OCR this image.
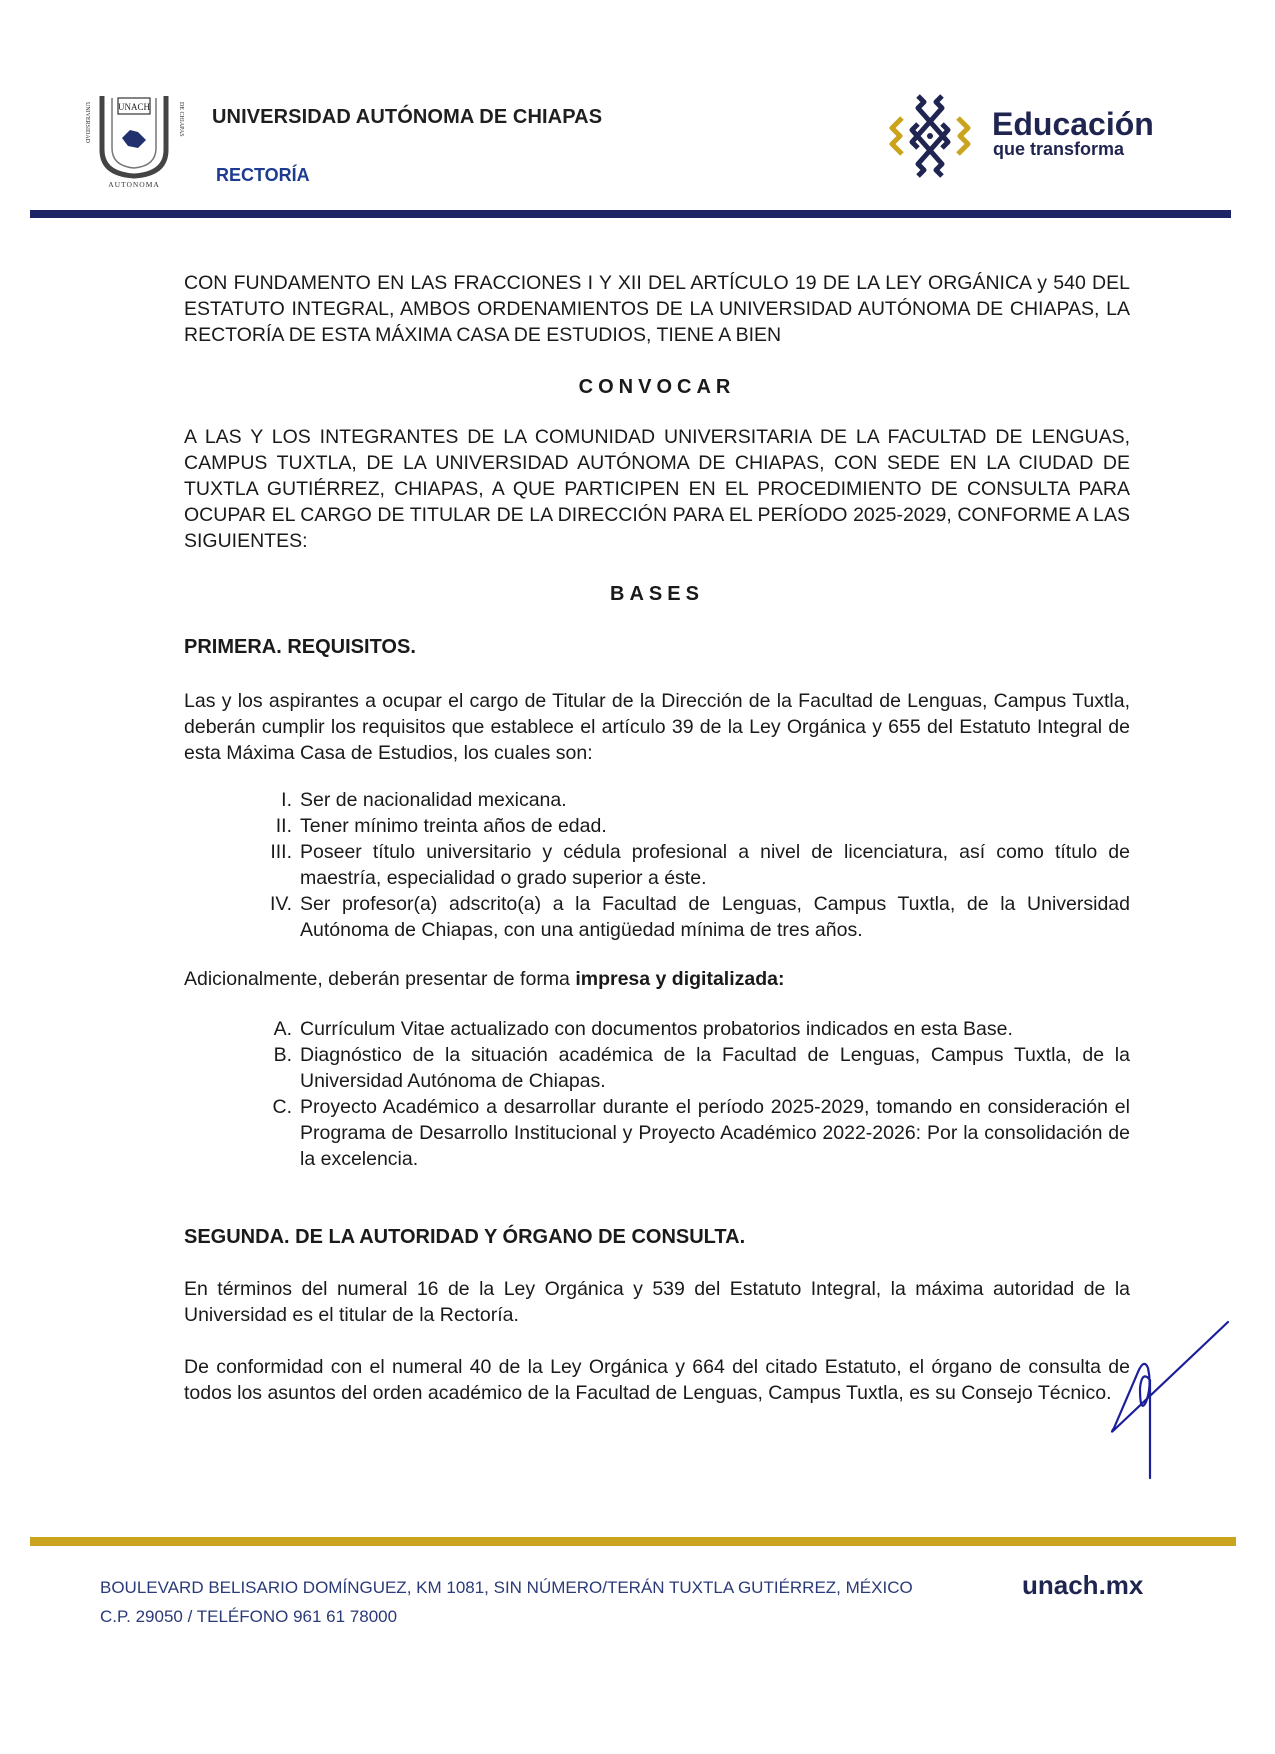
UNIVERSIDAD	DE CHIAPAS
UNACH
AUTONOMA
UNIVERSIDAD AUTÓNOMA DE CHIAPAS
RECTORÍA
Educación
que transforma
CON FUNDAMENTO EN LAS FRACCIONES I Y XII DEL ARTÍCULO 19 DE LA LEY ORGÁNICA y 540 DEL ESTATUTO INTEGRAL, AMBOS ORDENAMIENTOS DE LA UNIVERSIDAD AUTÓNOMA DE CHIAPAS, LA RECTORÍA DE ESTA MÁXIMA CASA DE ESTUDIOS, TIENE A BIEN
CONVOCAR
A LAS Y LOS INTEGRANTES DE LA COMUNIDAD UNIVERSITARIA DE LA FACULTAD DE LENGUAS, CAMPUS TUXTLA, DE LA UNIVERSIDAD AUTÓNOMA DE CHIAPAS, CON SEDE EN LA CIUDAD DE TUXTLA GUTIÉRREZ, CHIAPAS, A QUE PARTICIPEN EN EL PROCEDIMIENTO DE CONSULTA PARA OCUPAR EL CARGO DE TITULAR DE LA DIRECCIÓN PARA EL PERÍODO 2025-2029, CONFORME A LAS SIGUIENTES:
BASES
PRIMERA. REQUISITOS.
Las y los aspirantes a ocupar el cargo de Titular de la Dirección de la Facultad de Lenguas, Campus Tuxtla, deberán cumplir los requisitos que establece el artículo 39 de la Ley Orgánica y 655 del Estatuto Integral de esta Máxima Casa de Estudios, los cuales son:
I. Ser de nacionalidad mexicana.
II. Tener mínimo treinta años de edad.
III. Poseer título universitario y cédula profesional a nivel de licenciatura, así como título de maestría, especialidad o grado superior a éste.
IV. Ser profesor(a) adscrito(a) a la Facultad de Lenguas, Campus Tuxtla, de la Universidad Autónoma de Chiapas, con una antigüedad mínima de tres años.
Adicionalmente, deberán presentar de forma impresa y digitalizada:
A. Currículum Vitae actualizado con documentos probatorios indicados en esta Base.
B. Diagnóstico de la situación académica de la Facultad de Lenguas, Campus Tuxtla, de la Universidad Autónoma de Chiapas.
C. Proyecto Académico a desarrollar durante el período 2025-2029, tomando en consideración el Programa de Desarrollo Institucional y Proyecto Académico 2022-2026: Por la consolidación de la excelencia.
SEGUNDA. DE LA AUTORIDAD Y ÓRGANO DE CONSULTA.
En términos del numeral 16 de la Ley Orgánica y 539 del Estatuto Integral, la máxima autoridad de la Universidad es el titular de la Rectoría.
De conformidad con el numeral 40 de la Ley Orgánica y 664 del citado Estatuto, el órgano de consulta de todos los asuntos del orden académico de la Facultad de Lenguas, Campus Tuxtla, es su Consejo Técnico.
BOULEVARD BELISARIO DOMÍNGUEZ, KM 1081, SIN NÚMERO/TERÁN TUXTLA GUTIÉRREZ, MÉXICO
C.P. 29050 / TELÉFONO 961 61 78000
unach.mx
